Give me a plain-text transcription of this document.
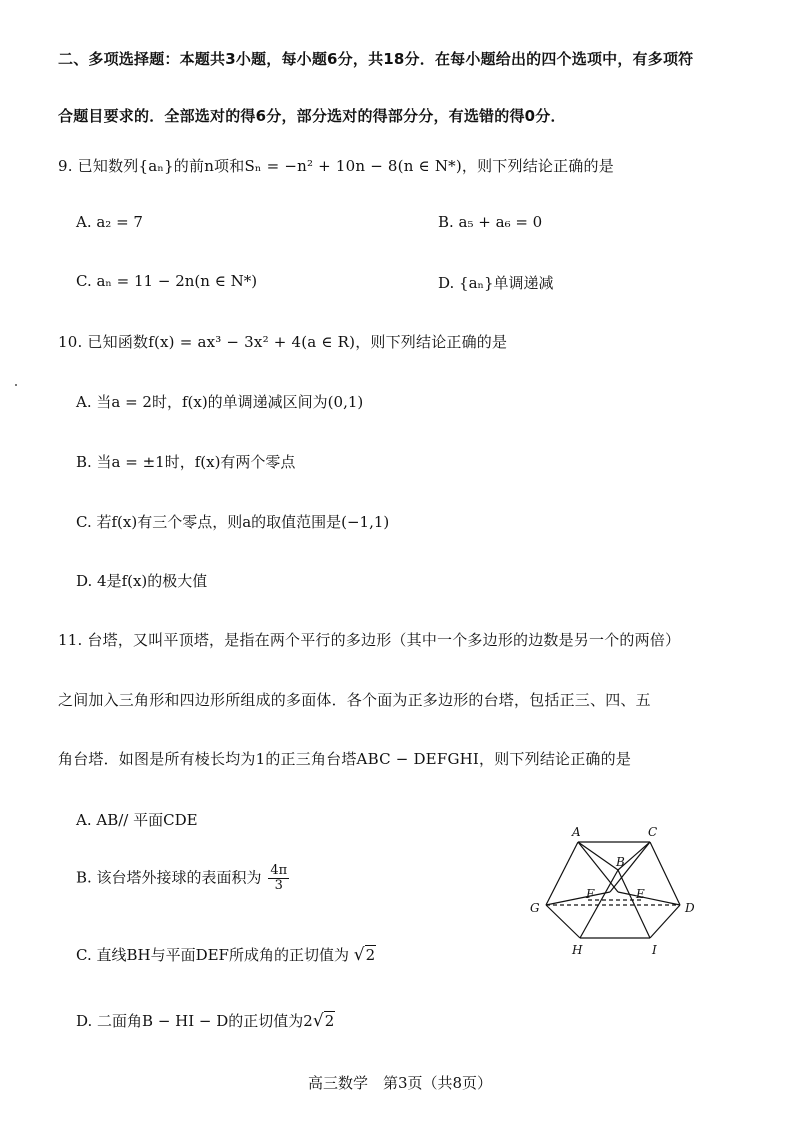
二、多项选择题：本题共3小题，每小题6分，共18分．在每小题给出的四个选项中，有多项符
合题目要求的．全部选对的得6分，部分选对的得部分分，有选错的得0分．
9. 已知数列{aₙ}的前n项和Sₙ = −n² + 10n − 8(n ∈ N*)，则下列结论正确的是
A. a₂ = 7	B. a₅ + a₆ = 0
C. aₙ = 11 − 2n(n ∈ N*)	D. {aₙ}单调递减
10. 已知函数f(x) = ax³ − 3x² + 4(a ∈ R)，则下列结论正确的是
A. 当a = 2时，f(x)的单调递减区间为(0,1)
B. 当a = ±1时，f(x)有两个零点
C. 若f(x)有三个零点，则a的取值范围是(−1,1)
D. 4是f(x)的极大值
11. 台塔，又叫平顶塔，是指在两个平行的多边形（其中一个多边形的边数是另一个的两倍）
之间加入三角形和四边形所组成的多面体．各个面为正多边形的台塔，包括正三、四、五
角台塔．如图是所有棱长均为1的正三角台塔ABC − DEFGHI，则下列结论正确的是
A. AB// 平面CDE
B. 该台塔外接球的表面积为 $\frac{4\pi}{3}$
C. 直线BH与平面DEF所成角的正切值为 √2
D. 二面角B − HI − D的正切值为2√2
A	C
B
F	E
G	D
H	I
高三数学　第3页（共8页）
